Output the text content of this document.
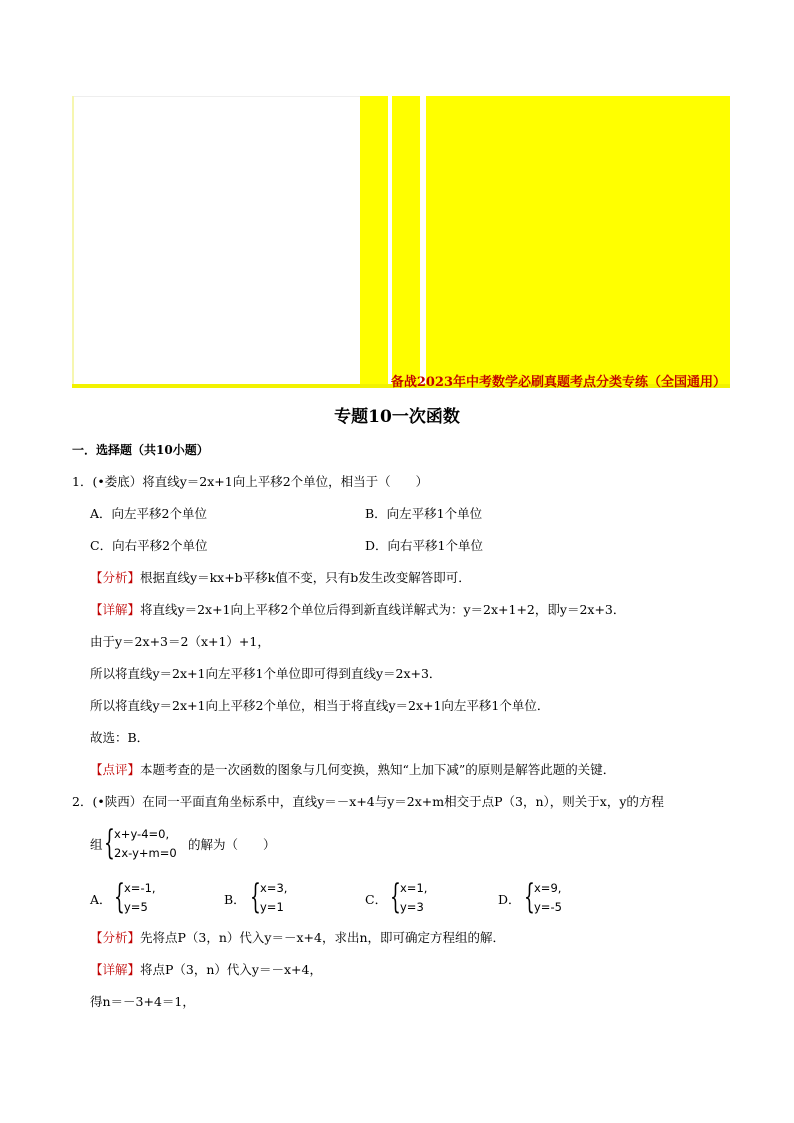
备战2023年中考数学必刷真题考点分类专练（全国通用）
专题10一次函数
一．选择题（共10小题）
1．(•娄底）将直线y＝2x+1向上平移2个单位，相当于（　　）
A．向左平移2个单位	B．向左平移1个单位
C．向右平移2个单位	D．向右平移1个单位
【分析】根据直线y＝kx+b平移k值不变，只有b发生改变解答即可．
【详解】将直线y＝2x+1向上平移2个单位后得到新直线详解式为：y＝2x+1+2，即y＝2x+3．
由于y＝2x+3＝2（x+1）+1，
所以将直线y＝2x+1向左平移1个单位即可得到直线y＝2x+3．
所以将直线y＝2x+1向上平移2个单位，相当于将直线y＝2x+1向左平移1个单位．
故选：B．
【点评】本题考查的是一次函数的图象与几何变换，熟知“上加下减”的原则是解答此题的关键．
2．(•陕西）在同一平面直角坐标系中，直线y＝－x+4与y＝2x+m相交于点P（3，n），则关于x，y的方程
组 { x+y-4=0,
2x-y+m=0
的解为（　　）
A． { x=-1,
y=5	B． { x=3,
y=1	C． { x=1,
y=3	D． { x=9,
y=-5
【分析】先将点P（3，n）代入y＝－x+4，求出n，即可确定方程组的解．
【详解】将点P（3，n）代入y＝－x+4，
得n＝－3+4＝1，
